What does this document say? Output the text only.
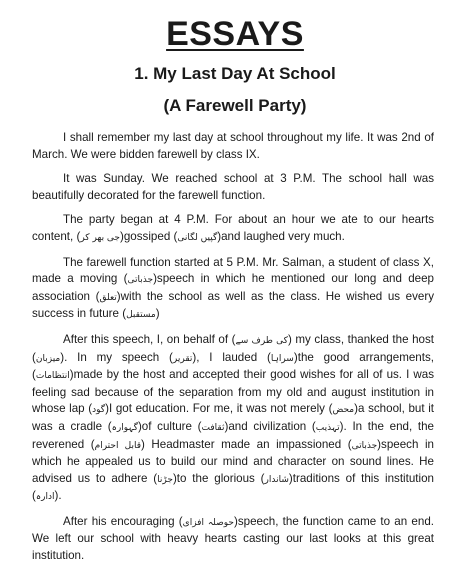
ESSAYS
1. My Last Day At School
(A Farewell Party)

I shall remember my last day at school throughout my life. It was 2nd of March. We were bidden farewell by class IX.

It was Sunday. We reached school at 3 P.M. The school hall was beautifully decorated for the farewell function.

The party began at 4 P.M. For about an hour we ate to our hearts content, (جی بھر کر)gossiped (گپیں لگانی)and laughed very much.

The farewell function started at 5 P.M. Mr. Salman, a student of class X, made a moving (جذباتی)speech in which he mentioned our long and deep association (تعلق)with the school as well as the class. He wished us every success in future (مستقبل)

After this speech, I, on behalf of (کی طرف سے) my class, thanked the host (میزبان). In my speech (تقریر), I lauded (سراہا)the good arrangements, (انتظامات)made by the host and accepted their good wishes for all of us. I was feeling sad because of the separation from my old and august institution in whose lap (گود)I got education. For me, it was not merely (محض)a school, but it was a cradle (گہوارہ)of culture (ثقافت)and civilization (تہذیب). In the end, the reverened (قابل احترام) Headmaster made an impassioned (جذباتی)speech in which he appealed us to build our mind and character on sound lines. He advised us to adhere (جڑنا)to the glorious (شاندار)traditions of this institution (ادارہ).

After his encouraging (حوصلہ افزای)speech, the function came to an end. We left our school with heavy hearts casting our last looks at this great institution.
